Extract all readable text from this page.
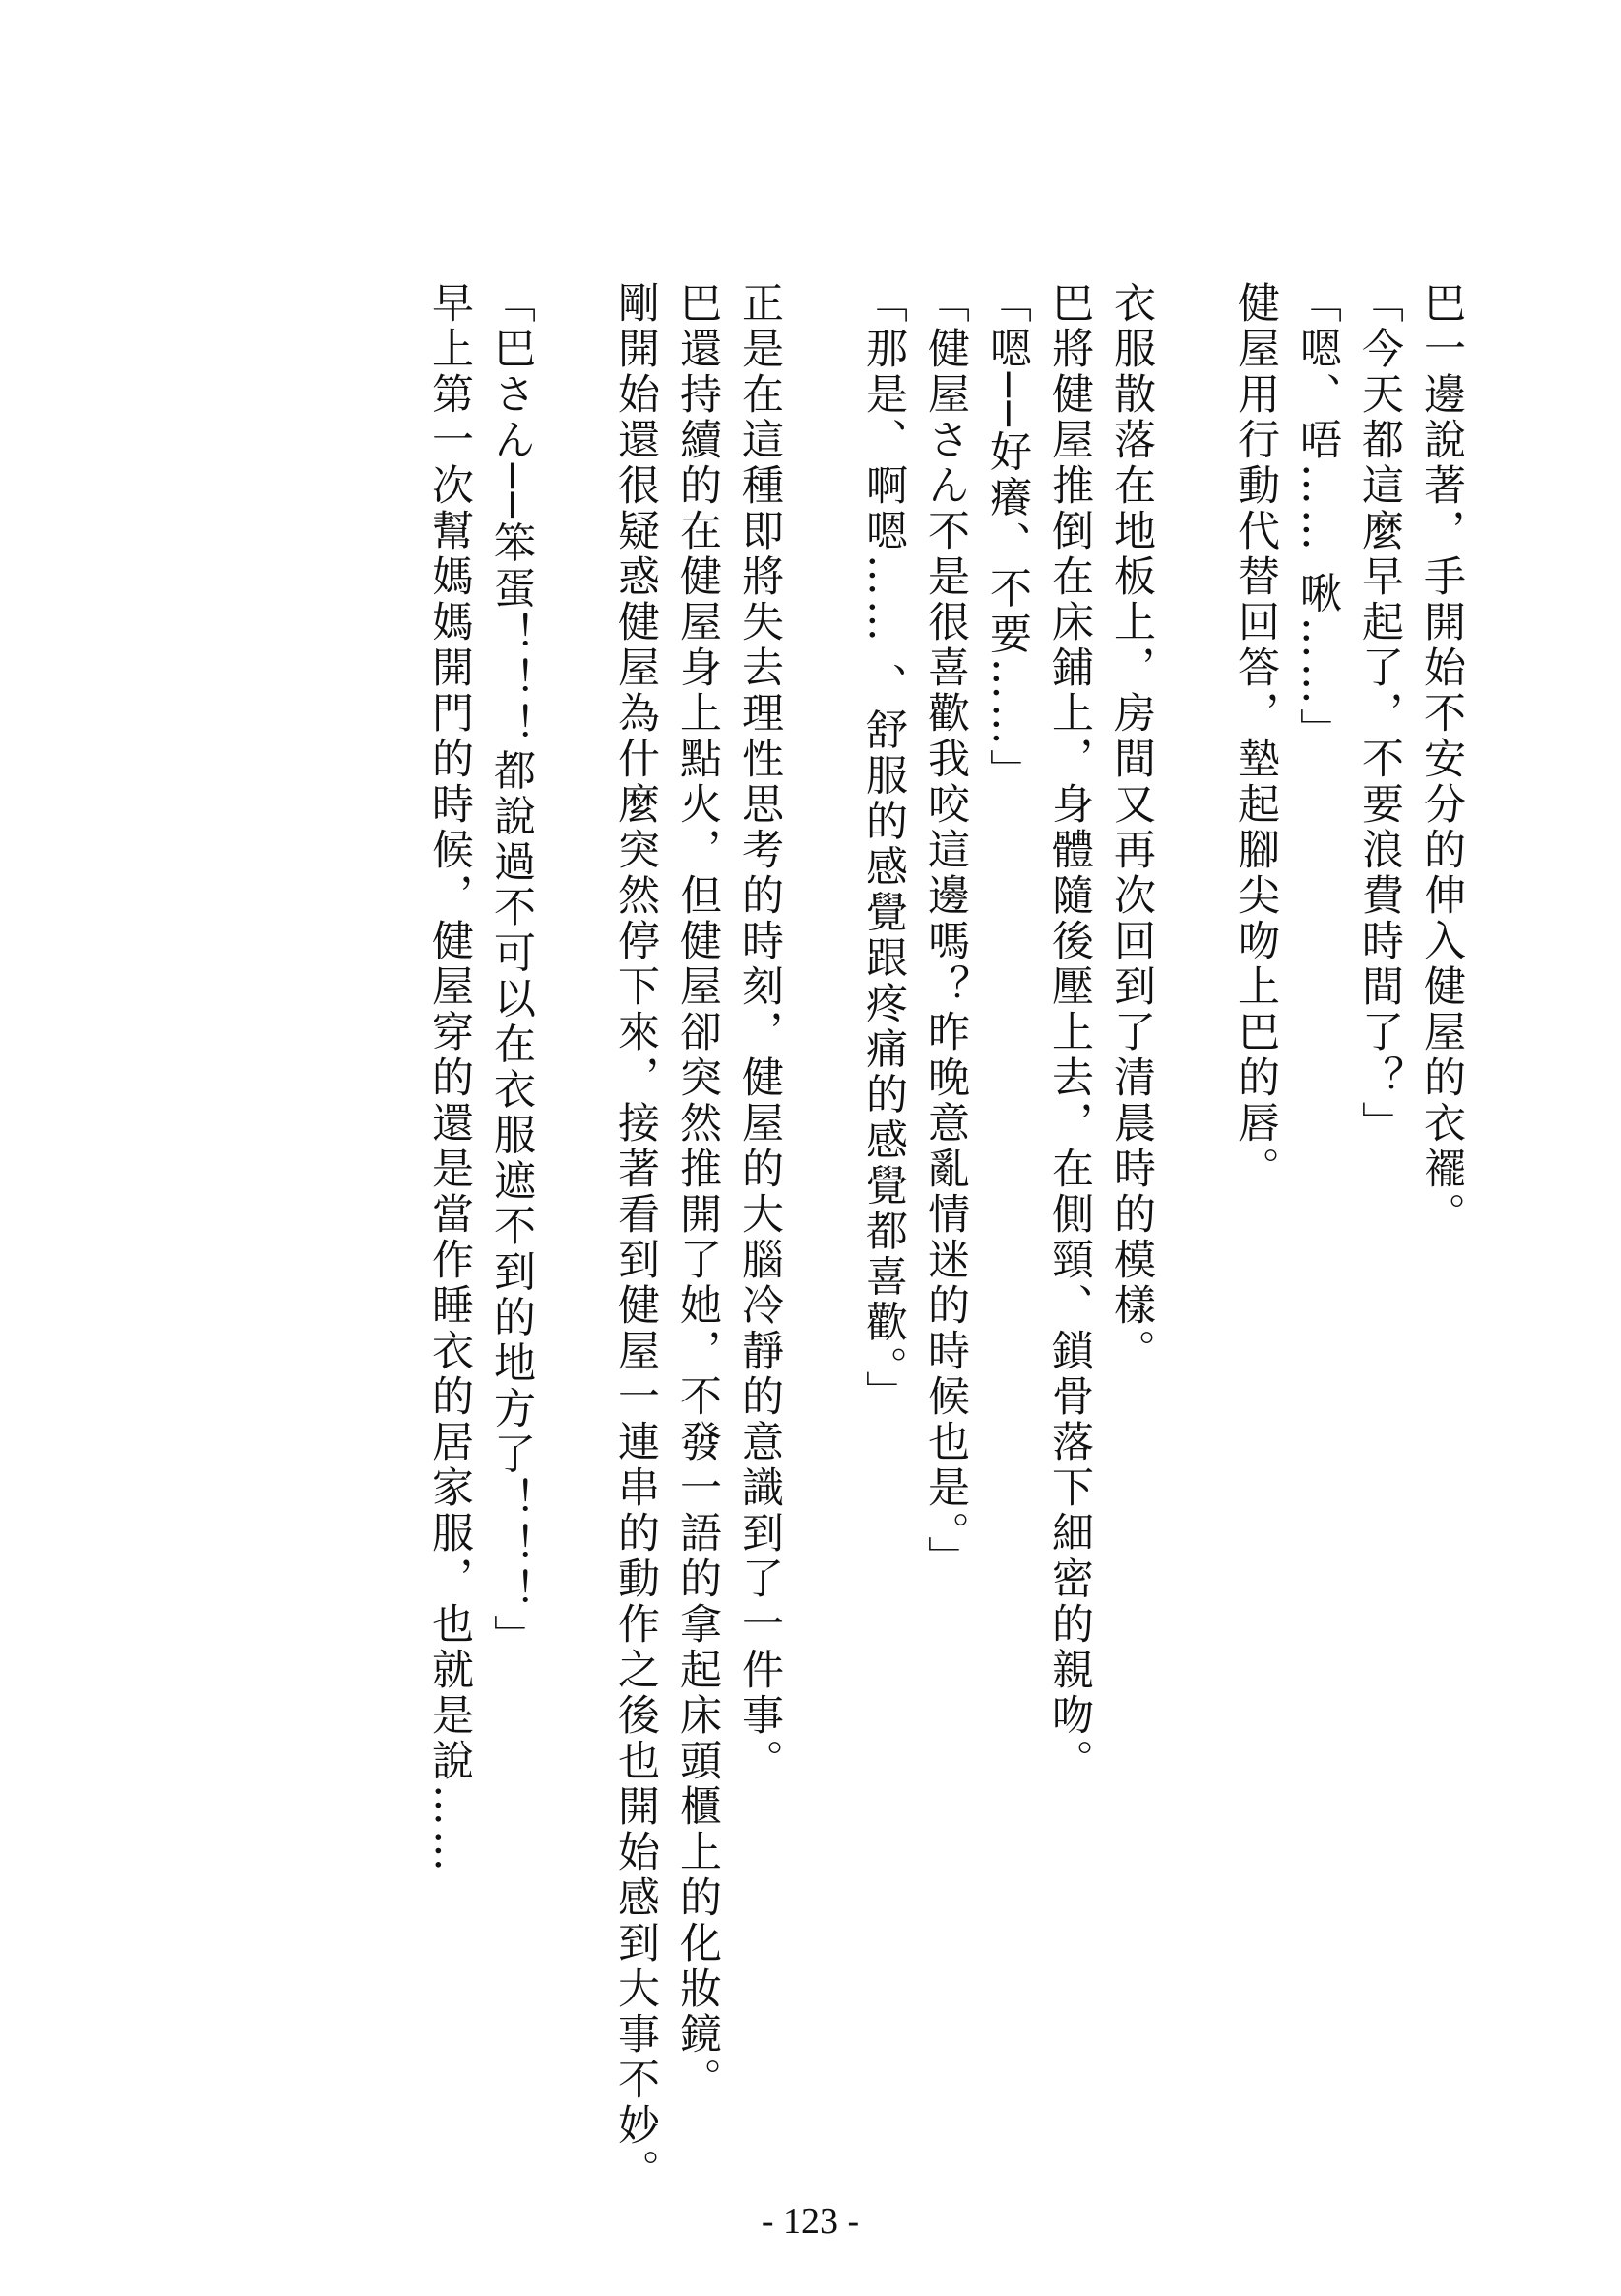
巴一邊說著，手開始不安分的伸入健屋的衣襬。
「今天都這麼早起了，不要浪費時間了？」
「嗯、唔…… 啾……」
健屋用行動代替回答，墊起腳尖吻上巴的唇。

衣服散落在地板上，房間又再次回到了清晨時的模樣。
巴將健屋推倒在床鋪上，身體隨後壓上去，在側頸、鎖骨落下細密的親吻。
「嗯──好癢、不要……」
「健屋さん不是很喜歡我咬這邊嗎？昨晚意亂情迷的時候也是。」
「那是、啊嗯…… 、舒服的感覺跟疼痛的感覺都喜歡。」

正是在這種即將失去理性思考的時刻，健屋的大腦冷靜的意識到了一件事。
巴還持續的在健屋身上點火，但健屋卻突然推開了她，不發一語的拿起床頭櫃上的化妝鏡。
剛開始還很疑惑健屋為什麼突然停下來，接著看到健屋一連串的動作之後也開始感到大事不妙。

「巴さん──笨蛋！！！都說過不可以在衣服遮不到的地方了！！！」
早上第一次幫媽媽開門的時候，健屋穿的還是當作睡衣的居家服，也就是說……
- 123 -
